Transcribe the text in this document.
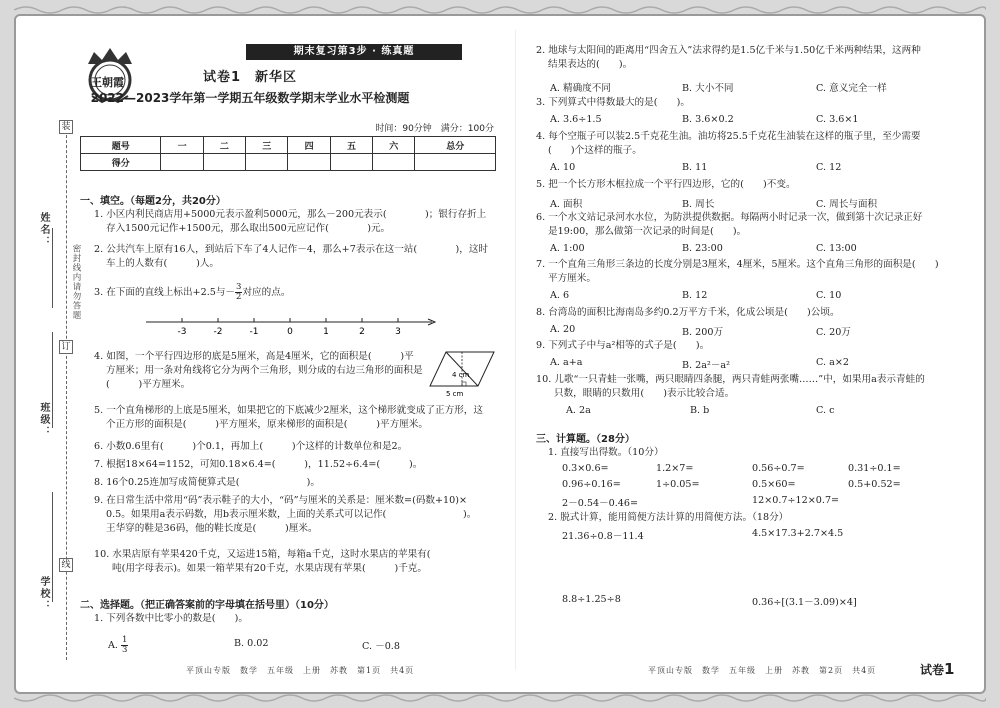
姓名：
班级：
学校：
装
订
线
密封线内请勿答题
王朝霞
期末复习第3步 · 练真题
试卷1　新华区
2022—2023学年第一学期五年级数学期末学业水平检测题
时间：90分钟　满分：100分
题号	一	二	三	四	五	六	总分
得分							
一、填空。（每题2分，共20分）
1. 小区内利民商店用+5000元表示盈利5000元，那么－200元表示(　　　　)；银行存折上
存入1500元记作+1500元，那么取出500元应记作(　　　　)元。
2. 公共汽车上原有16人，到站后下车了4人记作－4，那么+7表示在这一站(　　　　)，这时
车上的人数有(　　　)人。
3. 在下面的直线上标出+2.5与－ $\frac{3}{2}$ 对应的点。
-3	-2	-1	0	1	2	3
4. 如图，一个平行四边形的底是5厘米，高是4厘米，它的面积是(　　　)平
方厘米；用一条对角线将它分为两个三角形，则分成的右边三角形的面积是
(　　　)平方厘米。
4 cm
5 cm
5. 一个直角梯形的上底是5厘米，如果把它的下底减少2厘米，这个梯形就变成了正方形，这
个正方形的面积是(　　　)平方厘米，原来梯形的面积是(　　　)平方厘米。
6. 小数0.6里有(　　　)个0.1，再加上(　　　)个这样的计数单位和是2。
7. 根据18×64=1152，可知0.18×6.4=(　　　)，11.52÷6.4=(　　　)。
8. 16个0.25连加写成简便算式是(　　　　　　　)。
9. 在日常生活中常用“码”表示鞋子的大小，“码”与厘米的关系是：厘米数=(码数+10)×
0.5。如果用a表示码数，用b表示厘米数，上面的关系式可以记作(　　　　　　　　)。
王华穿的鞋是36码，他的鞋长度是(　　　)厘米。
10. 水果店原有苹果420千克，又运进15箱，每箱a千克，这时水果店的苹果有(　　　　　　
吨(用字母表示)。如果一箱苹果有20千克，水果店现有苹果(　　　)千克。
二、选择题。（把正确答案前的字母填在括号里）（10分）
1. 下列各数中比零小的数是(　　)。
A. $\frac{1}{3}$	B. 0.02	C. －0.8
2. 地球与太阳间的距离用“四舍五入”法求得约是1.5亿千米与1.50亿千米两种结果，这两种
结果表达的(　　)。
A. 精确度不同	B. 大小不同	C. 意义完全一样
3. 下列算式中得数最大的是(　　)。
A. 3.6÷1.5	B. 3.6×0.2	C. 3.6×1
4. 每个空瓶子可以装2.5千克花生油。油坊将25.5千克花生油装在这样的瓶子里，至少需要
(　　)个这样的瓶子。
A. 10	B. 11	C. 12
5. 把一个长方形木框拉成一个平行四边形，它的(　　)不变。
A. 面积	B. 周长	C. 周长与面积
6. 一个水文站记录河水水位，为防洪提供数据。每隔两小时记录一次，做到第十次记录正好
是19:00，那么做第一次记录的时间是(　　)。
A. 1:00	B. 23:00	C. 13:00
7. 一个直角三角形三条边的长度分别是3厘米，4厘米，5厘米。这个直角三角形的面积是(　　)
平方厘米。
A. 6	B. 12	C. 10
8. 台湾岛的面积比海南岛多约0.2万平方千米，化成公顷是(　　)公顷。
A. 20	B. 200万	C. 20万
9. 下列式子中与a²相等的式子是(　　)。
A. a+a	B. 2a²－a²	C. a×2
10. 儿歌“一只青蛙一张嘴，两只眼睛四条腿，两只青蛙两张嘴……”中，如果用a表示青蛙的
只数，眼睛的只数用(　　)表示比较合适。
A. 2a	B. b	C. c
三、计算题。（28分）
1. 直接写出得数。（10分）
0.3×0.6=	1.2×7=	0.56÷0.7=	0.31÷0.1=
0.96÷0.16=	1÷0.05=	0.5×60=	0.5+0.52=
2－0.54－0.46=	12×0.7÷12×0.7=
2. 脱式计算，能用简便方法计算的用简便方法。（18分）
21.36÷0.8－11.4	4.5×17.3+2.7×4.5
8.8÷1.25÷8	0.36÷[(3.1－3.09)×4]
平顶山专版　数学　五年级　上册　苏教　第1页　共4页	平顶山专版　数学　五年级　上册　苏教　第2页　共4页	试卷1
